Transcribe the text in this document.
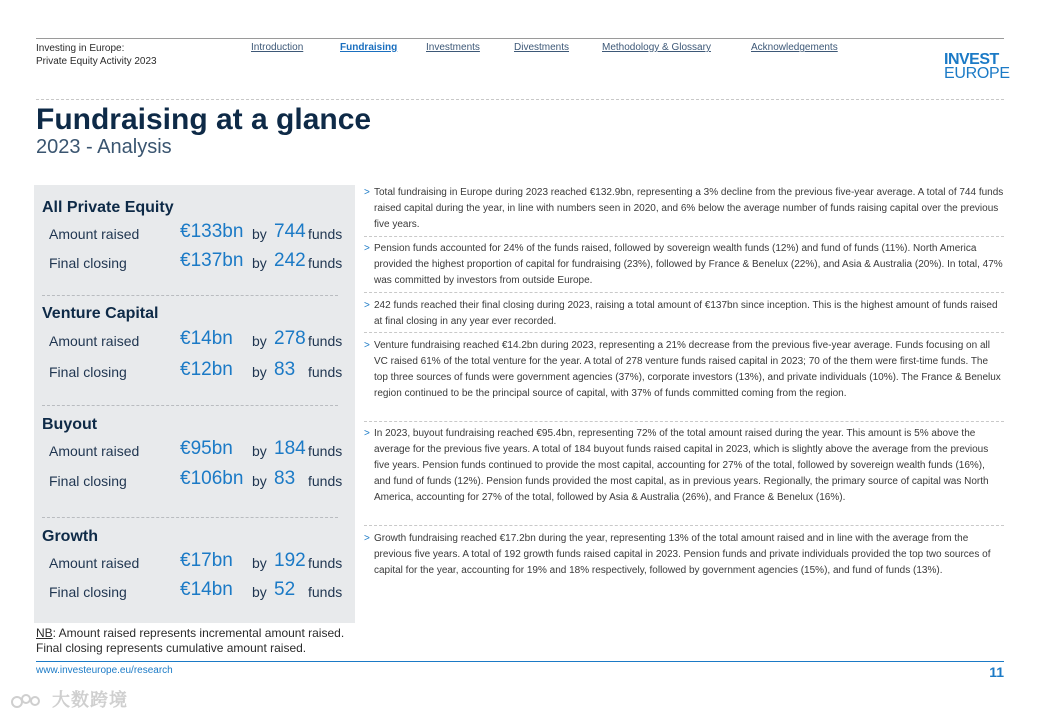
Investing in Europe:
Private Equity Activity 2023
Introduction	Fundraising	Investments	Divestments	Methodology & Glossary	Acknowledgements
INVEST
EUROPE
Fundraising at a glance
2023 - Analysis
All Private Equity
Amount raised €133bn by 744 funds
Final closing	€137bn by 242 funds
Venture Capital
Amount raised €14bn by 278 funds
Final closing	€12bn by 83 funds
Buyout
Amount raised €95bn by 184 funds
Final closing	€106bn by 83 funds
Growth
Amount raised €17bn by 192 funds
Final closing	€14bn by 52 funds
NB: Amount raised represents incremental amount raised.
Final closing represents cumulative amount raised.
> Total fundraising in Europe during 2023 reached €132.9bn, representing a 3% decline from the previous five-year average. A total of 744 funds raised capital during the year, in line with numbers seen in 2020, and 6% below the average number of funds raising capital over the previous five years.
> Pension funds accounted for 24% of the funds raised, followed by sovereign wealth funds (12%) and fund of funds (11%). North America provided the highest proportion of capital for fundraising (23%), followed by France & Benelux (22%), and Asia & Australia (20%). In total, 47% was committed by investors from outside Europe.
> 242 funds reached their final closing during 2023, raising a total amount of €137bn since inception. This is the highest amount of funds raised at final closing in any year ever recorded.
> Venture fundraising reached €14.2bn during 2023, representing a 21% decrease from the previous five-year average. Funds focusing on all VC raised 61% of the total venture for the year. A total of 278 venture funds raised capital in 2023; 70 of the them were first-time funds. The top three sources of funds were government agencies (37%), corporate investors (13%), and private individuals (10%). The France & Benelux region continued to be the principal source of capital, with 37% of funds committed coming from the region.
> In 2023, buyout fundraising reached €95.4bn, representing 72% of the total amount raised during the year. This amount is 5% above the average for the previous five years. A total of 184 buyout funds raised capital in 2023, which is slightly above the average from the previous five years. Pension funds continued to provide the most capital, accounting for 27% of the total, followed by sovereign wealth funds (16%), and fund of funds (12%). Pension funds provided the most capital, as in previous years. Regionally, the primary source of capital was North America, accounting for 27% of the total, followed by Asia & Australia (26%), and France & Benelux (16%).
> Growth fundraising reached €17.2bn during the year, representing 13% of the total amount raised and in line with the average from the previous five years. A total of 192 growth funds raised capital in 2023. Pension funds and private individuals provided the top two sources of capital for the year, accounting for 19% and 18% respectively, followed by government agencies (15%), and fund of funds (13%).
www.investeurope.eu/research	11
大数跨境
